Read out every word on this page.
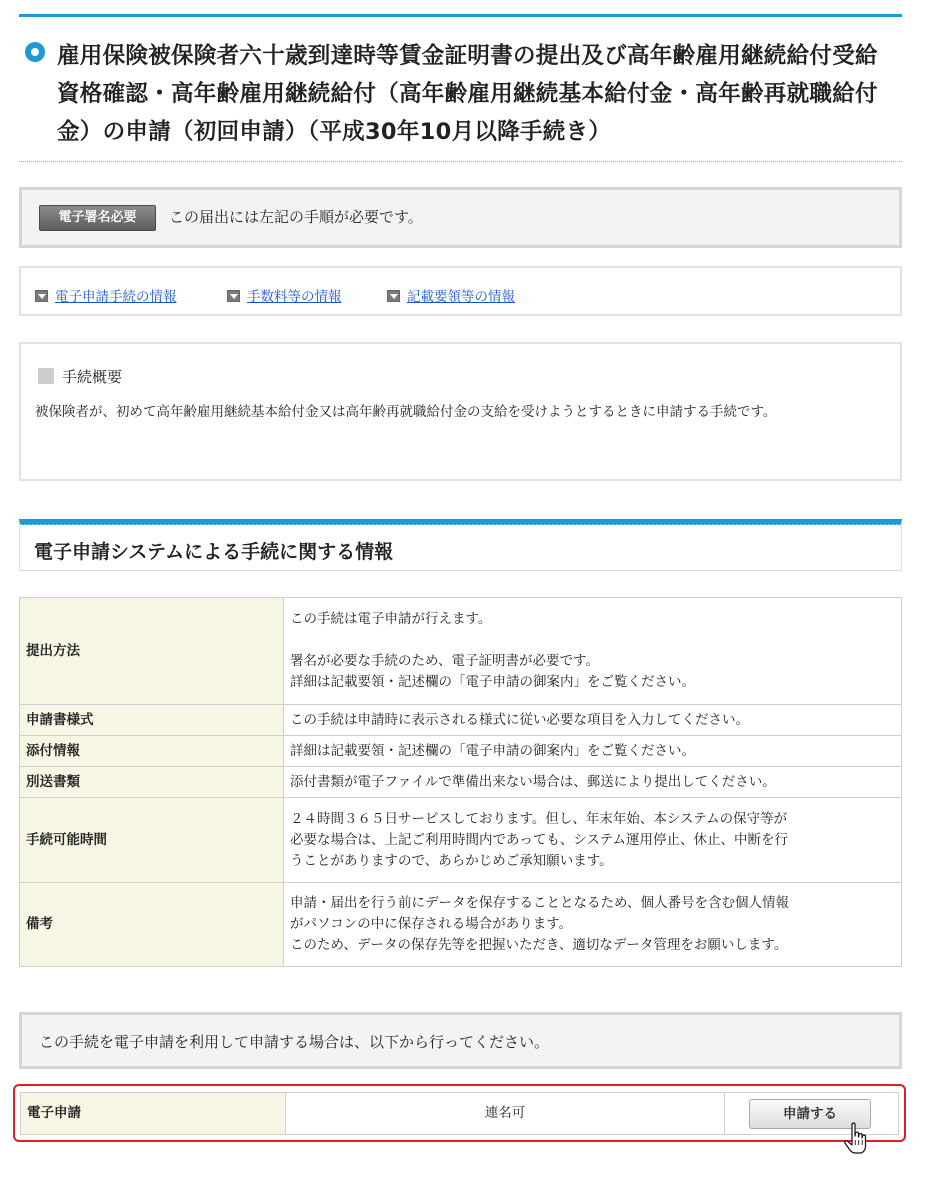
雇用保険被保険者六十歳到達時等賃金証明書の提出及び高年齢雇用継続給付受給資格確認・高年齢雇用継続給付（高年齢雇用継続基本給付金・高年齢再就職給付金）の申請（初回申請）（平成30年10月以降手続き）
電子署名必要	この届出には左記の手順が必要です。
電子申請手続の情報	手数料等の情報	記載要領等の情報
手続概要

被保険者が、初めて高年齢雇用継続基本給付金又は高年齢再就職給付金の支給を受けようとするときに申請する手続です。

電子申請システムによる手続に関する情報
提出方法	この手続は電子申請が行えます。

署名が必要な手続のため、電子証明書が必要です。
詳細は記載要領・記述欄の「電子申請の御案内」をご覧ください。

申請書様式	この手続は申請時に表示される様式に従い必要な項目を入力してください。

添付情報	詳細は記載要領・記述欄の「電子申請の御案内」をご覧ください。

別送書類	添付書類が電子ファイルで準備出来ない場合は、郵送により提出してください。

手続可能時間	２４時間３６５日サービスしております。但し、年末年始、本システムの保守等が
必要な場合は、上記ご利用時間内であっても、システム運用停止、休止、中断を行
うことがありますので、あらかじめご承知願います。

備考	申請・届出を行う前にデータを保存することとなるため、個人番号を含む個人情報
がパソコンの中に保存される場合があります。
このため、データの保存先等を把握いただき、適切なデータ管理をお願いします。
この手続を電子申請を利用して申請する場合は、以下から行ってください。
電子申請	連名可	申請する
